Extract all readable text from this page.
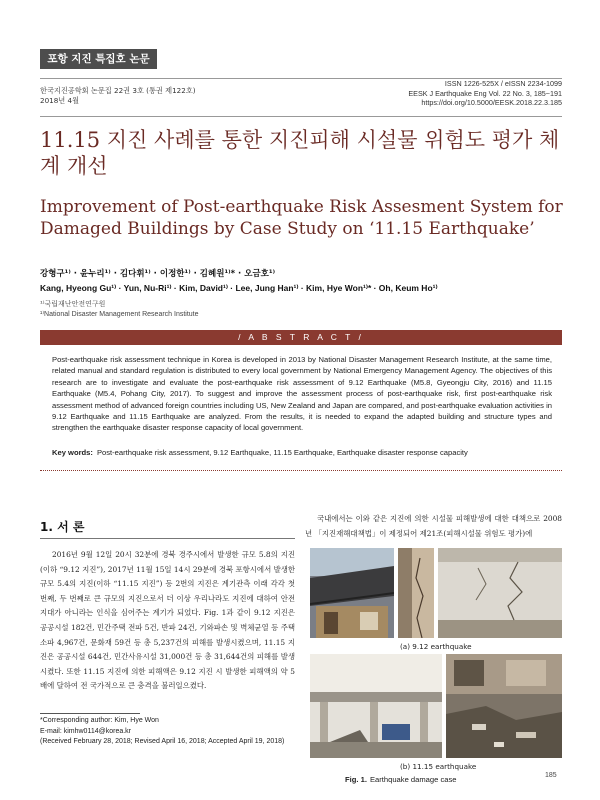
포항 지진 특집호 논문
한국지진공학회 논문집 22권 3호 (통권 제122호)
2018년 4월
ISSN 1226-525X / eISSN 2234-1099
EESK J Earthquake Eng Vol. 22 No. 3, 185~191
https://doi.org/10.5000/EESK.2018.22.3.185
11.15 지진 사례를 통한 지진피해 시설물 위험도 평가 체계 개선
Improvement of Post-earthquake Risk Assesment System for Damaged Buildings by Case Study on ‘11.15 Earthquake’
강형구¹⁾ · 윤누리¹⁾ · 김다휘¹⁾ · 이정한¹⁾ · 김혜원¹⁾* · 오금호¹⁾
Kang, Hyeong Gu¹⁾ · Yun, Nu-Ri¹⁾ · Kim, David¹⁾ · Lee, Jung Han¹⁾ · Kim, Hye Won¹⁾* · Oh, Keum Ho¹⁾
¹⁾국립재난안전연구원
¹⁾National Disaster Management Research Institute
/ A B S T R A C T /
Post-earthquake risk assessment technique in Korea is developed in 2013 by National Disaster Management Research Institute, at the same time, related manual and standard regulation is distributed to every local government by National Emergency Management Agency. The objectives of this research are to investigate and evaluate the post-earthquake risk assessment of 9.12 Earthquake (M5.8, Gyeongju City, 2016) and 11.15 Earthquake (M5.4, Pohang City, 2017). To suggest and improve the assessment process of post-earthquake risk, first post-earthquake risk assessment method of advanced foreign countries including US, New Zealand and Japan are compared, and post-earthquake evaluation activities in 9.12 Earthquake and 11.15 Earthquake are analyzed. From the results, it is needed to expand the adapted building and structure types and strengthen the earthquake disaster response capacity of local government.
Key words: Post-earthquake risk assessment, 9.12 Earthquake, 11.15 Earthquake, Earthquake disaster response capacity
1. 서 론
2016년 9월 12일 20시 32분에 경북 경주시에서 발생한 규모 5.8의 지진(이하 “9.12 지진”), 2017년 11월 15일 14시 29분에 경북 포항시에서 발생한 규모 5.4의 지진(이하 “11.15 지진”) 등 2번의 지진은 계기관측 이래 각각 첫 번째, 두 번째로 큰 규모의 지진으로서 더 이상 우리나라도 지진에 대하여 안전지대가 아니라는 인식을 심어주는 계기가 되었다. Fig. 1과 같이 9.12 지진은 공공시설 182건, 민간주택 전파 5건, 반파 24건, 기와파손 및 벽체균열 등 주택소파 4,967건, 문화재 59건 등 총 5,237건의 피해를 발생시켰으며, 11.15 지진은 공공시설 644건, 민간사유시설 31,000건 등 총 31,644건의 피해를 발생시켰다. 또한 11.15 지진에 의한 피해액은 9.12 지진 시 발생한 피해액의 약 5배에 달하여 전 국가적으로 큰 충격을 불러일으켰다.
국내에서는 이와 같은 지진에 의한 시설물 피해발생에 대한 대책으로 2008년 「지진재해대책법」이 제정되어 제21조(피해시설물 위험도 평가)에
*Corresponding author: Kim, Hye Won
E-mail: kimhw0114@korea.kr
(Received February 28, 2018; Revised April 16, 2018; Accepted April 19, 2018)
(a) 9.12 earthquake
(b) 11.15 earthquake
Fig. 1. Earthquake damage case	185
